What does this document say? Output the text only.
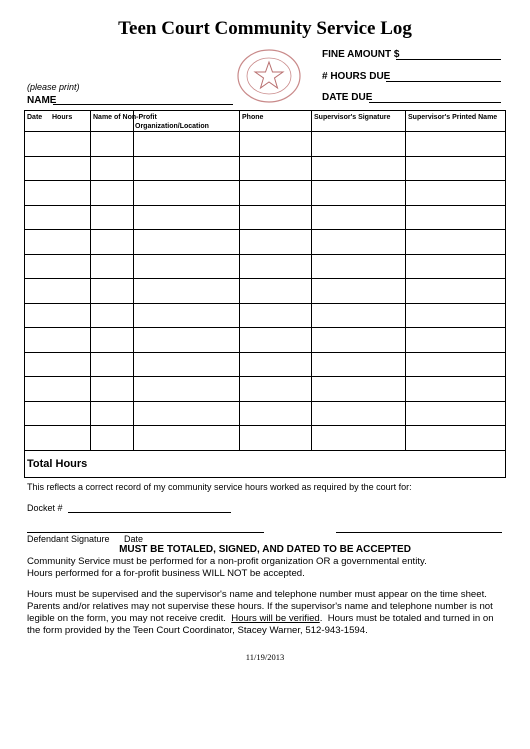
Teen Court Community Service Log
FINE AMOUNT $
# HOURS DUE
DATE DUE
(please print)
NAME
Date Hours	Name of Non-Profit	Organization/Location	Phone	Supervisor's Signature	Supervisor's Printed Name

Total Hours					
This reflects a correct record of my community service hours worked as required by the court for:
Docket #
Defendant Signature Date
MUST BE TOTALED, SIGNED, AND DATED TO BE ACCEPTED
Community Service must be performed for a non-profit organization OR a governmental entity.
Hours performed for a for-profit business WILL NOT be accepted.
Hours must be supervised and the supervisor's name and telephone number must appear on the time sheet.
Parents and/or relatives may not supervise these hours. If the supervisor's name and telephone number is not
legible on the form, you may not receive credit.  Hours will be verified.  Hours must be totaled and turned in on
the form provided by the Teen Court Coordinator, Stacey Warner, 512-943-1594.
11/19/2013
